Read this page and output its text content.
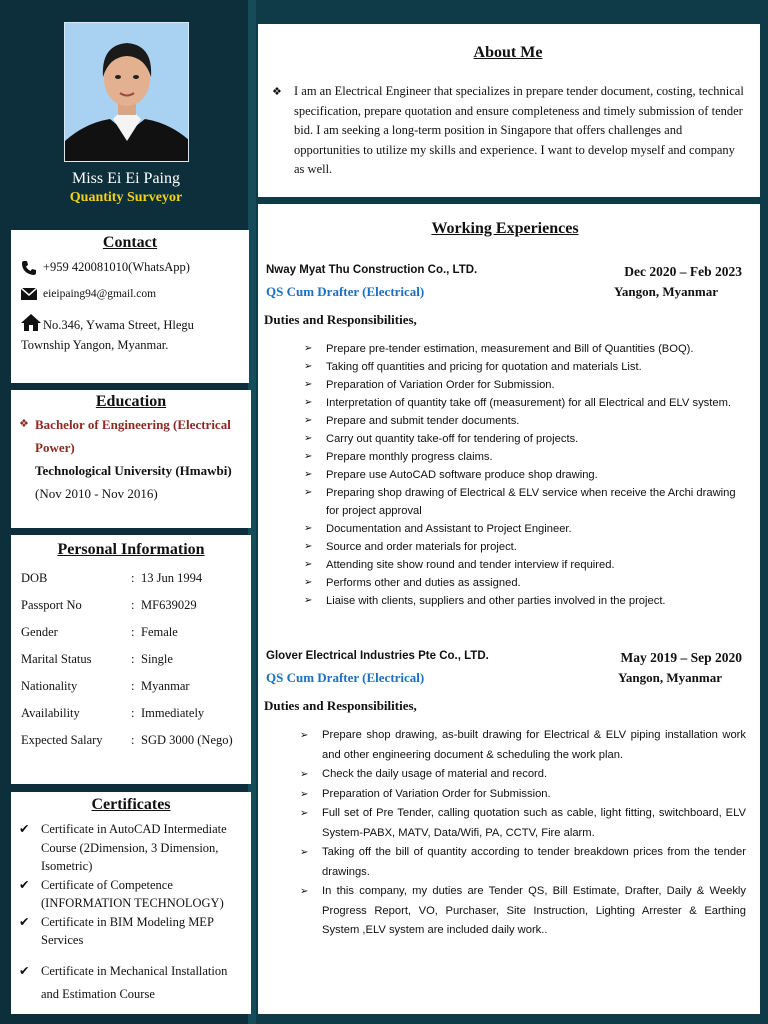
Miss Ei Ei Paing
Quantity Surveyor
Contact
+959 420081010(WhatsApp)
eieipaing94@gmail.com
No.346, Ywama Street, Hlegu Township Yangon, Myanmar.
Education
❖ Bachelor of Engineering (Electrical Power)

Technological University (Hmawbi)

(Nov 2010 - Nov 2016)

Personal Information
DOB	:	13 Jun 1994
Passport No	:	MF639029
Gender	:	Female
Marital Status	:	Single
Nationality	:	Myanmar
Availability	:	Immediately
Expected Salary	:	SGD 3000 (Nego)
Certificates
✔ Certificate in AutoCAD Intermediate Course (2Dimension, 3 Dimension, Isometric)
✔ Certificate of Competence (INFORMATION TECHNOLOGY)
✔ Certificate in BIM Modeling MEP Services
✔ Certificate in Mechanical Installation and Estimation Course
About Me
❖ I am an Electrical Engineer that specializes in prepare tender document, costing, technical specification, prepare quotation and ensure completeness and timely submission of tender bid. I am seeking a long-term position in Singapore that offers challenges and opportunities to utilize my skills and experience. I want to develop myself and company as well.
Working Experiences
Nway Myat Thu Construction Co., LTD.	Dec 2020 – Feb 2023
QS Cum Drafter (Electrical)	Yangon, Myanmar
Duties and Responsibilities,
➢ Prepare pre-tender estimation, measurement and Bill of Quantities (BOQ).
➢ Taking off quantities and pricing for quotation and materials List.
➢ Preparation of Variation Order for Submission.
➢ Interpretation of quantity take off (measurement) for all Electrical and ELV system.
➢ Prepare and submit tender documents.
➢ Carry out quantity take-off for tendering of projects.
➢ Prepare monthly progress claims.
➢ Prepare use AutoCAD software produce shop drawing.
➢ Preparing shop drawing of Electrical & ELV service when receive the Archi drawing for project approval
➢ Documentation and Assistant to Project Engineer.
➢ Source and order materials for project.
➢ Attending site show round and tender interview if required.
➢ Performs other and duties as assigned.
➢ Liaise with clients, suppliers and other parties involved in the project.
Glover Electrical Industries Pte Co., LTD.	May 2019 – Sep 2020
QS Cum Drafter (Electrical)	Yangon, Myanmar
Duties and Responsibilities,
➢ Prepare shop drawing, as-built drawing for Electrical & ELV piping installation work and other engineering document & scheduling the work plan.
➢ Check the daily usage of material and record.
➢ Preparation of Variation Order for Submission.
➢ Full set of Pre Tender, calling quotation such as cable, light fitting, switchboard, ELV System-PABX, MATV, Data/Wifi, PA, CCTV, Fire alarm.
➢ Taking off the bill of quantity according to tender breakdown prices from the tender drawings.
➢ In this company, my duties are Tender QS, Bill Estimate, Drafter, Daily & Weekly Progress Report, VO, Purchaser, Site Instruction, Lighting Arrester & Earthing System ,ELV system are included daily work..
